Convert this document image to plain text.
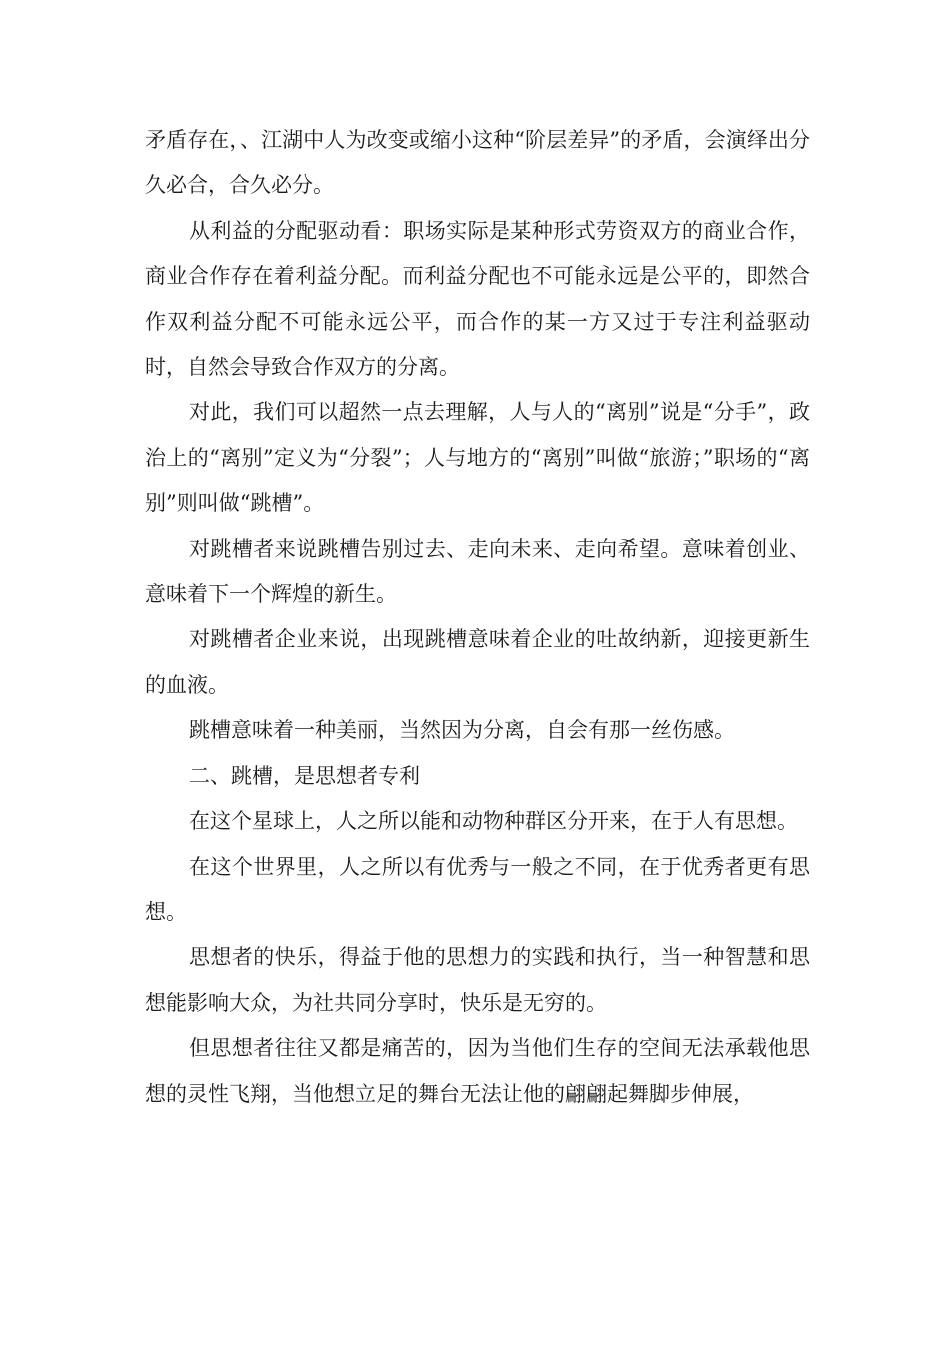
矛盾存在，、江湖中人为改变或缩小这种“阶层差异”的矛盾，会演绎出分久必合，合久必分。

从利益的分配驱动看：职场实际是某种形式劳资双方的商业合作，商业合作存在着利益分配。而利益分配也不可能永远是公平的，即然合作双利益分配不可能永远公平，而合作的某一方又过于专注利益驱动时，自然会导致合作双方的分离。

对此，我们可以超然一点去理解，人与人的“离别”说是“分手”，政治上的“离别”定义为“分裂”；人与地方的“离别”叫做“旅游；”职场的“离别”则叫做“跳槽”。

对跳槽者来说跳槽告别过去、走向未来、走向希望。意味着创业、意味着下一个辉煌的新生。

对跳槽者企业来说，出现跳槽意味着企业的吐故纳新，迎接更新生的血液。

跳槽意味着一种美丽，当然因为分离，自会有那一丝伤感。

二、跳槽，是思想者专利

在这个星球上，人之所以能和动物种群区分开来，在于人有思想。

在这个世界里，人之所以有优秀与一般之不同，在于优秀者更有思想。

思想者的快乐，得益于他的思想力的实践和执行，当一种智慧和思想能影响大众，为社共同分享时，快乐是无穷的。

但思想者往往又都是痛苦的，因为当他们生存的空间无法承载他思想的灵性飞翔，当他想立足的舞台无法让他的翩翩起舞脚步伸展，
